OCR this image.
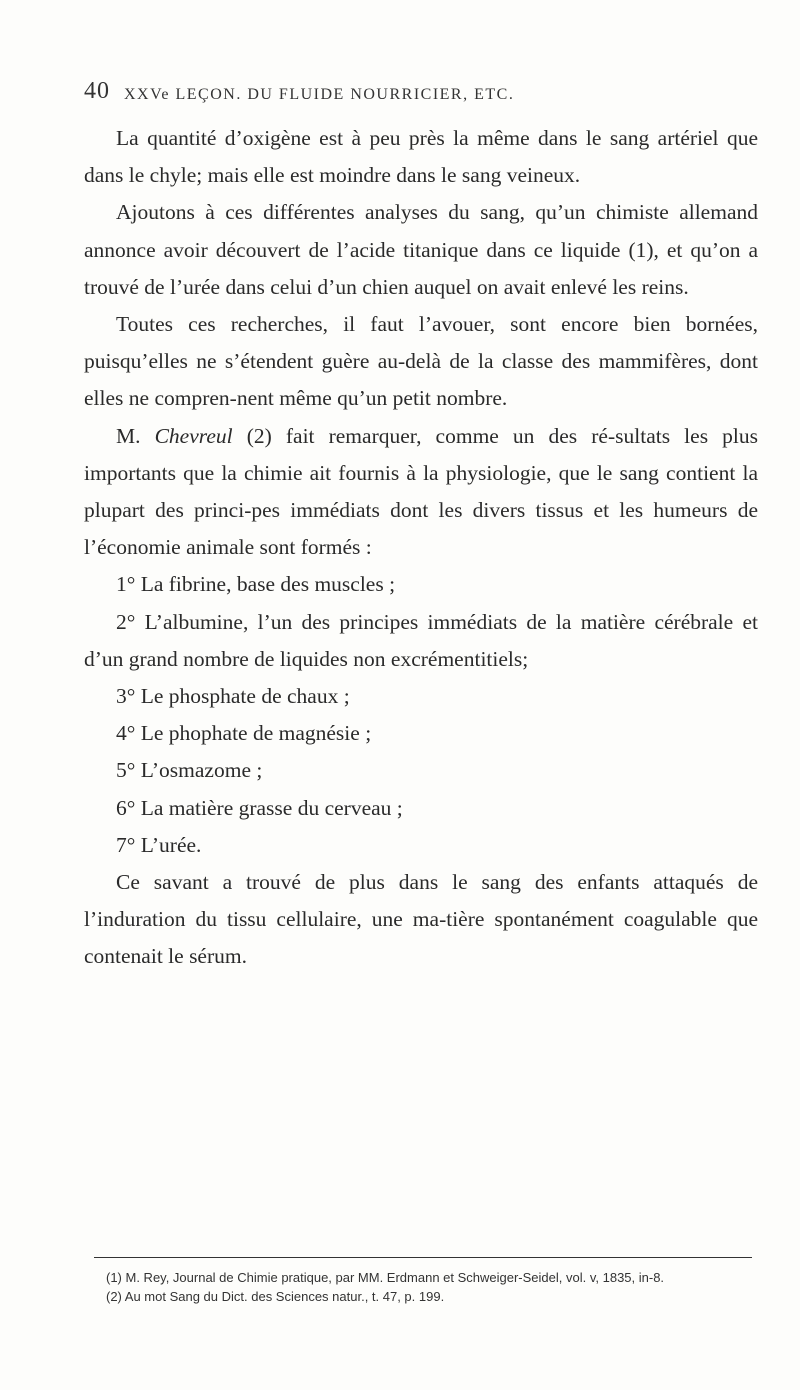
40 XXVe LEÇON. DU FLUIDE NOURRICIER, ETC.

La quantité d’oxigène est à peu près la même dans le sang artériel que dans le chyle; mais elle est moindre dans le sang veineux.

Ajoutons à ces différentes analyses du sang, qu’un chimiste allemand annonce avoir découvert de l’acide titanique dans ce liquide (1), et qu’on a trouvé de l’urée dans celui d’un chien auquel on avait enlevé les reins.

Toutes ces recherches, il faut l’avouer, sont encore bien bornées, puisqu’elles ne s’étendent guère au-delà de la classe des mammifères, dont elles ne compren-nent même qu’un petit nombre.

M. Chevreul (2) fait remarquer, comme un des ré-sultats les plus importants que la chimie ait fournis à la physiologie, que le sang contient la plupart des princi-pes immédiats dont les divers tissus et les humeurs de l’économie animale sont formés :

1° La fibrine, base des muscles ;

2° L’albumine, l’un des principes immédiats de la matière cérébrale et d’un grand nombre de liquides non excrémentitiels;

3° Le phosphate de chaux ;

4° Le phophate de magnésie ;

5° L’osmazome ;

6° La matière grasse du cerveau ;

7° L’urée.

Ce savant a trouvé de plus dans le sang des enfants attaqués de l’induration du tissu cellulaire, une ma-tière spontanément coagulable que contenait le sérum.

(1) M. Rey, Journal de Chimie pratique, par MM. Erdmann et Schweiger-Seidel, vol. v, 1835, in-8.

(2) Au mot Sang du Dict. des Sciences natur., t. 47, p. 199.
